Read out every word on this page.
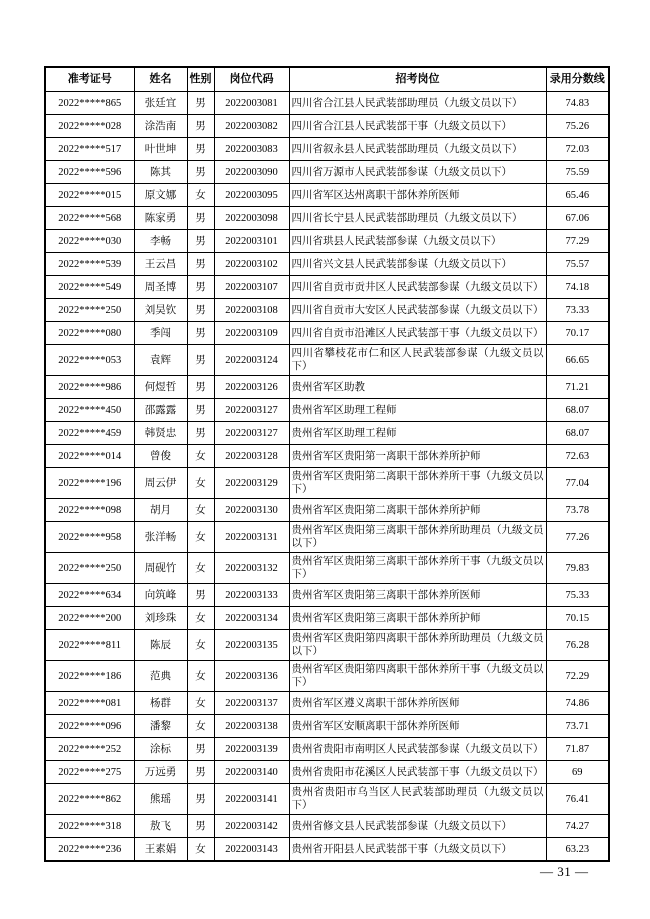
准考证号	姓名	性别	岗位代码	招考岗位	录用分数线
2022*****865	张廷宜	男	2022003081	四川省合江县人民武装部助理员（九级文员以下）	74.83
2022*****028	涂浩南	男	2022003082	四川省合江县人民武装部干事（九级文员以下）	75.26
2022*****517	叶世坤	男	2022003083	四川省叙永县人民武装部助理员（九级文员以下）	72.03
2022*****596	陈其	男	2022003090	四川省万源市人民武装部参谋（九级文员以下）	75.59
2022*****015	原文娜	女	2022003095	四川省军区达州离职干部休养所医师	65.46
2022*****568	陈家勇	男	2022003098	四川省长宁县人民武装部助理员（九级文员以下）	67.06
2022*****030	李畅	男	2022003101	四川省珙县人民武装部参谋（九级文员以下）	77.29
2022*****539	王云昌	男	2022003102	四川省兴文县人民武装部参谋（九级文员以下）	75.57
2022*****549	周圣博	男	2022003107	四川省自贡市贡井区人民武装部参谋（九级文员以下）	74.18
2022*****250	刘昊钦	男	2022003108	四川省自贡市大安区人民武装部参谋（九级文员以下）	73.33
2022*****080	季闯	男	2022003109	四川省自贡市沿滩区人民武装部干事（九级文员以下）	70.17
2022*****053	袁辉	男	2022003124	四川省攀枝花市仁和区人民武装部参谋（九级文员以下）	66.65
2022*****986	何煜哲	男	2022003126	贵州省军区助教	71.21
2022*****450	邵露露	男	2022003127	贵州省军区助理工程师	68.07
2022*****459	韩贤忠	男	2022003127	贵州省军区助理工程师	68.07
2022*****014	曾俊	女	2022003128	贵州省军区贵阳第一离职干部休养所护师	72.63
2022*****196	周云伊	女	2022003129	贵州省军区贵阳第二离职干部休养所干事（九级文员以下）	77.04
2022*****098	胡月	女	2022003130	贵州省军区贵阳第二离职干部休养所护师	73.78
2022*****958	张洋畅	女	2022003131	贵州省军区贵阳第三离职干部休养所助理员（九级文员以下）	77.26
2022*****250	周砚竹	女	2022003132	贵州省军区贵阳第三离职干部休养所干事（九级文员以下）	79.83
2022*****634	向筑峰	男	2022003133	贵州省军区贵阳第三离职干部休养所医师	75.33
2022*****200	刘珍珠	女	2022003134	贵州省军区贵阳第三离职干部休养所护师	70.15
2022*****811	陈辰	女	2022003135	贵州省军区贵阳第四离职干部休养所助理员（九级文员以下）	76.28
2022*****186	范典	女	2022003136	贵州省军区贵阳第四离职干部休养所干事（九级文员以下）	72.29
2022*****081	杨群	女	2022003137	贵州省军区遵义离职干部休养所医师	74.86
2022*****096	潘黎	女	2022003138	贵州省军区安顺离职干部休养所医师	73.71
2022*****252	涂标	男	2022003139	贵州省贵阳市南明区人民武装部参谋（九级文员以下）	71.87
2022*****275	万远勇	男	2022003140	贵州省贵阳市花溪区人民武装部干事（九级文员以下）	69
2022*****862	熊瑶	男	2022003141	贵州省贵阳市乌当区人民武装部助理员（九级文员以下）	76.41
2022*****318	敖飞	男	2022003142	贵州省修文县人民武装部参谋（九级文员以下）	74.27
2022*****236	王素娟	女	2022003143	贵州省开阳县人民武装部干事（九级文员以下）	63.23
— 31 —
